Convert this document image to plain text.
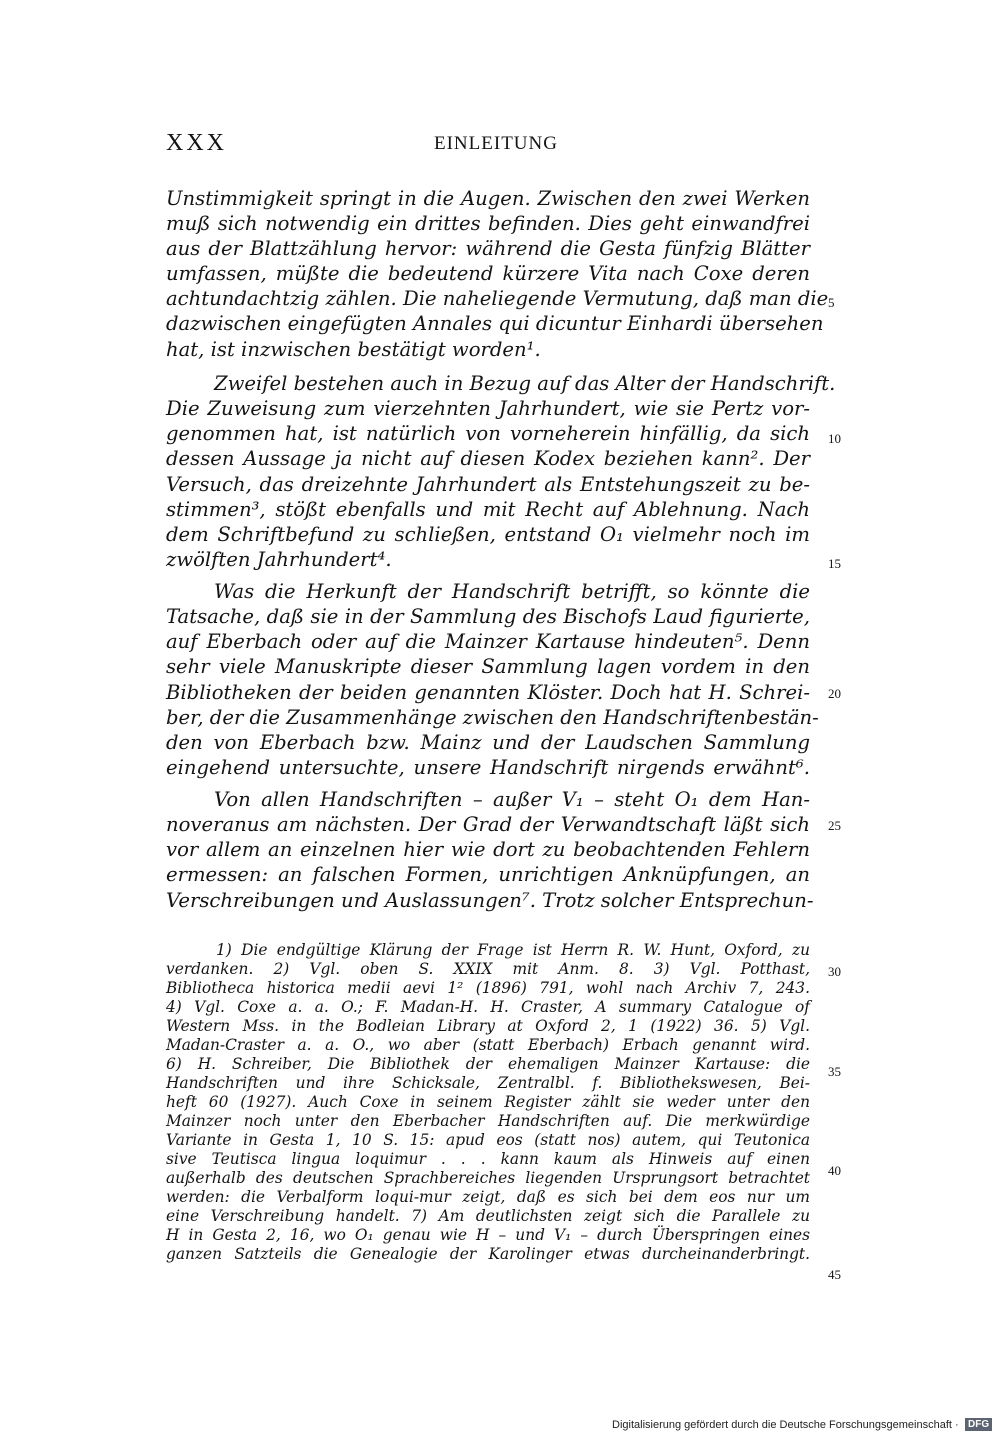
XXX	EINLEITUNG
Unstimmigkeit springt in die Augen. Zwischen den zwei Werken
muß sich notwendig ein drittes befinden. Dies geht einwandfrei
aus der Blattzählung hervor: während die Gesta fünfzig Blätter
umfassen, müßte die bedeutend kürzere Vita nach Coxe deren
achtundachtzig zählen. Die naheliegende Vermutung, daß man die
dazwischen eingefügten Annales qui dicuntur Einhardi übersehen
hat, ist inzwischen bestätigt worden¹.
Zweifel bestehen auch in Bezug auf das Alter der Handschrift.
Die Zuweisung zum vierzehnten Jahrhundert, wie sie Pertz vor-
genommen hat, ist natürlich von vorneherein hinfällig, da sich
dessen Aussage ja nicht auf diesen Kodex beziehen kann². Der
Versuch, das dreizehnte Jahrhundert als Entstehungszeit zu be-
stimmen³, stößt ebenfalls und mit Recht auf Ablehnung. Nach
dem Schriftbefund zu schließen, entstand O₁ vielmehr noch im
zwölften Jahrhundert⁴.
Was die Herkunft der Handschrift betrifft, so könnte die
Tatsache, daß sie in der Sammlung des Bischofs Laud figurierte,
auf Eberbach oder auf die Mainzer Kartause hindeuten⁵. Denn
sehr viele Manuskripte dieser Sammlung lagen vordem in den
Bibliotheken der beiden genannten Klöster. Doch hat H. Schrei-
ber, der die Zusammenhänge zwischen den Handschriftenbestän-
den von Eberbach bzw. Mainz und der Laudschen Sammlung
eingehend untersuchte, unsere Handschrift nirgends erwähnt⁶.
Von allen Handschriften – außer V₁ – steht O₁ dem Han-
noveranus am nächsten. Der Grad der Verwandtschaft läßt sich
vor allem an einzelnen hier wie dort zu beobachtenden Fehlern
ermessen: an falschen Formen, unrichtigen Anknüpfungen, an
Verschreibungen und Auslassungen⁷. Trotz solcher Entsprechun-
1) Die endgültige Klärung der Frage ist Herrn R. W. Hunt, Oxford, zu
verdanken. 2) Vgl. oben S. XXIX mit Anm. 8. 3) Vgl. Potthast,
Bibliotheca historica medii aevi 1² (1896) 791, wohl nach Archiv 7, 243.
4) Vgl. Coxe a. a. O.; F. Madan-H. H. Craster, A summary Catalogue of
Western Mss. in the Bodleian Library at Oxford 2, 1 (1922) 36. 5) Vgl.
Madan-Craster a. a. O., wo aber (statt Eberbach) Erbach genannt wird.
6) H. Schreiber, Die Bibliothek der ehemaligen Mainzer Kartause: die
Handschriften und ihre Schicksale, Zentralbl. f. Bibliothekswesen, Bei-
heft 60 (1927). Auch Coxe in seinem Register zählt sie weder unter den
Mainzer noch unter den Eberbacher Handschriften auf. Die merkwürdige
Variante in Gesta 1, 10 S. 15: apud eos (statt nos) autem, qui Teutonica
sive Teutisca lingua loquimur . . . kann kaum als Hinweis auf einen
außerhalb des deutschen Sprachbereiches liegenden Ursprungsort betrachtet
werden: die Verbalform loqui-mur zeigt, daß es sich bei dem eos nur um
eine Verschreibung handelt. 7) Am deutlichsten zeigt sich die Parallele zu
H in Gesta 2, 16, wo O₁ genau wie H – und V₁ – durch Überspringen eines
ganzen Satzteils die Genealogie der Karolinger etwas durcheinanderbringt.
5
10
15
20
25
30
35
40
45
Digitalisierung gefördert durch die Deutsche Forschungsgemeinschaft · DFG
